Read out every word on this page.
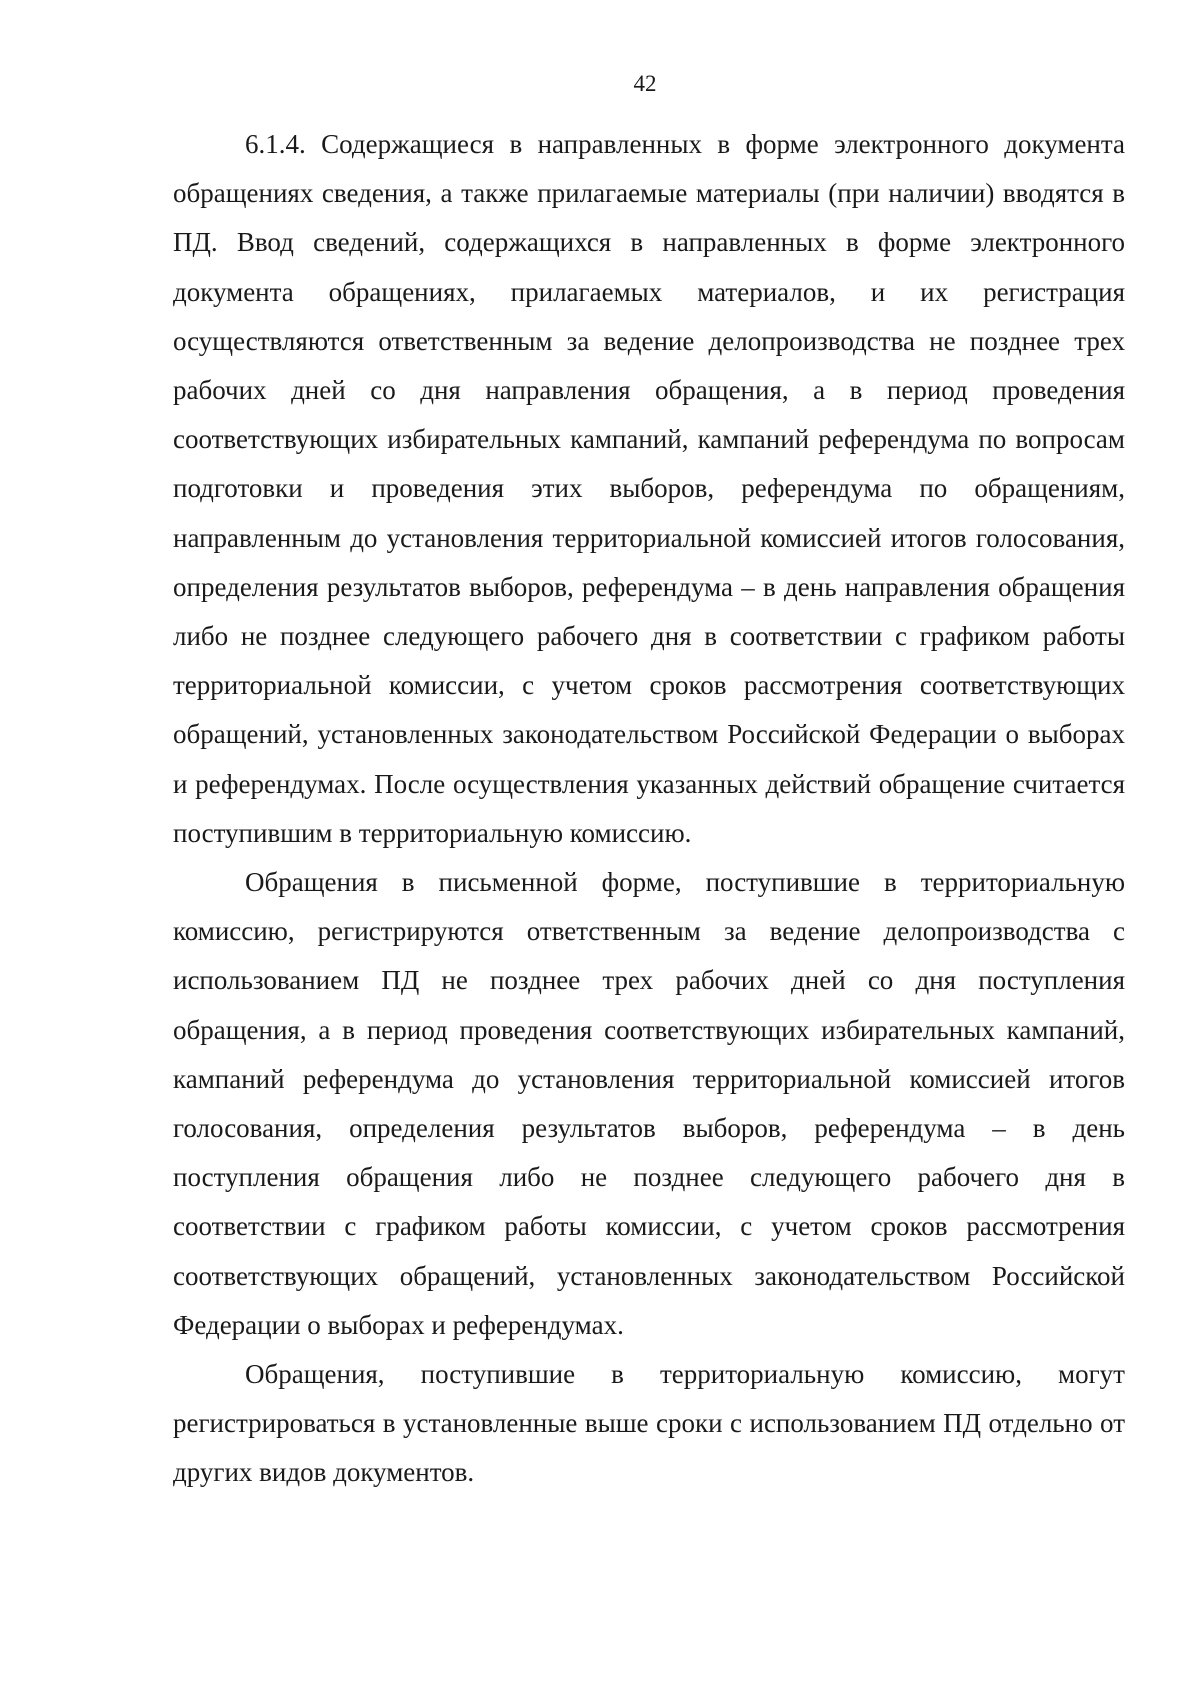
42

6.1.4. Содержащиеся в направленных в форме электронного документа обращениях сведения, а также прилагаемые материалы (при наличии) вводятся в ПД. Ввод сведений, содержащихся в направленных в форме электронного документа обращениях, прилагаемых материалов, и их регистрация осуществляются ответственным за ведение делопроизводства не позднее трех рабочих дней со дня направления обращения, а в период проведения соответствующих избирательных кампаний, кампаний референдума по вопросам подготовки и проведения этих выборов, референдума по обращениям, направленным до установления территориальной комиссией итогов голосования, определения результатов выборов, референдума – в день направления обращения либо не позднее следующего рабочего дня в соответствии с графиком работы территориальной комиссии, с учетом сроков рассмотрения соответствующих обращений, установленных законодательством Российской Федерации о выборах и референдумах. После осуществления указанных действий обращение считается поступившим в территориальную комиссию.

Обращения в письменной форме, поступившие в территориальную комиссию, регистрируются ответственным за ведение делопроизводства с использованием ПД не позднее трех рабочих дней со дня поступления обращения, а в период проведения соответствующих избирательных кампаний, кампаний референдума до установления территориальной комиссией итогов голосования, определения результатов выборов, референдума – в день поступления обращения либо не позднее следующего рабочего дня в соответствии с графиком работы комиссии, с учетом сроков рассмотрения соответствующих обращений, установленных законодательством Российской Федерации о выборах и референдумах.

Обращения, поступившие в территориальную комиссию, могут регистрироваться в установленные выше сроки с использованием ПД отдельно от других видов документов.
